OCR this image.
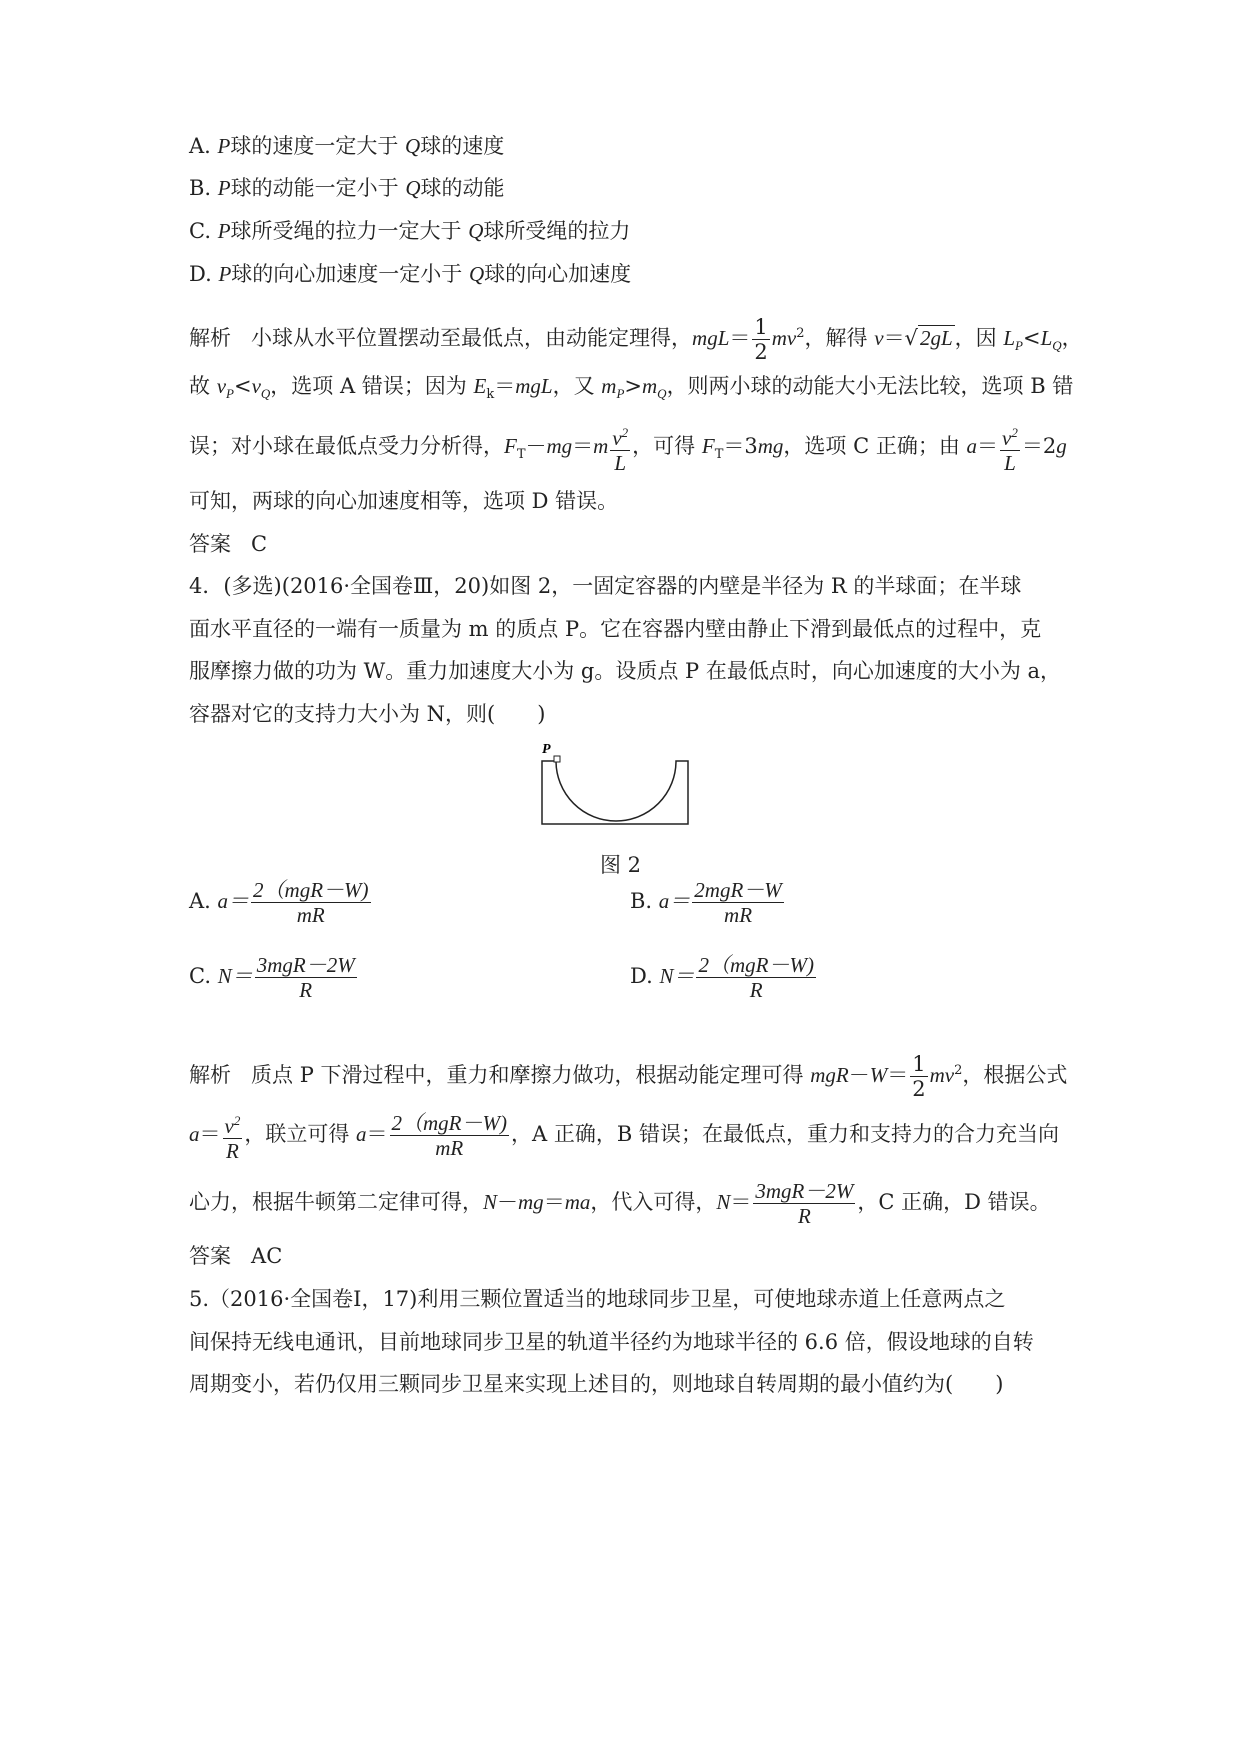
A. P球的速度一定大于 Q球的速度
B. P球的动能一定小于 Q球的动能
C. P球所受绳的拉力一定大于 Q球所受绳的拉力
D. P球的向心加速度一定小于 Q球的向心加速度
解析 小球从水平位置摆动至最低点，由动能定理得，$mgL= \frac{1}{2} mv^2$，解得 v＝√2gL，因 $L_P<L_Q$，
故 $v_P<v_Q$，选项 A 错误；因为 $E_k=mgL$，又 $m_P>m_Q$，则两小球的动能大小无法比较，选项 B 错
误；对小球在最低点受力分析得，$F_T-mg=m \frac{v^2}{L}$ ，可得 $F_T=3mg$，选项 C 正确；由 $a= \frac{v^2}{L} =2g$
可知，两球的向心加速度相等，选项 D 错误。
答案 C
4．(多选)(2016·全国卷Ⅲ，20)如图 2，一固定容器的内壁是半径为 R 的半球面；在半球
面水平直径的一端有一质量为 m 的质点 P。它在容器内壁由静止下滑到最低点的过程中，克
服摩擦力做的功为 W。重力加速度大小为 g。设质点 P 在最低点时，向心加速度的大小为 a，
容器对它的支持力大小为 N，则(　　)
P
图 2
A. $a= \frac{\text{2（mgR－W)}}{mR}$	B. $a= \frac{\text{2mgR－W}}{mR}$
C. $N= \frac{\text{3mgR－2W}}{R}$	D. $N= \frac{\text{2（mgR－W)}}{R}$
解析 质点 P 下滑过程中，重力和摩擦力做功，根据动能定理可得 $mgR-W= \frac{1}{2} mv^2$，根据公式
$a= \frac{v^2}{R}$ ，联立可得 $a= \frac{\text{2（mgR－W)}}{mR}$ ，A 正确，B 错误；在最低点，重力和支持力的合力充当向
心力，根据牛顿第二定律可得，N－mg＝ma，代入可得，$N= \frac{\text{3mgR－2W}}{R}$ ，C 正确，D 错误。
答案 AC
5.（2016·全国卷Ⅰ，17)利用三颗位置适当的地球同步卫星，可使地球赤道上任意两点之
间保持无线电通讯，目前地球同步卫星的轨道半径约为地球半径的 6.6 倍，假设地球的自转
周期变小，若仍仅用三颗同步卫星来实现上述目的，则地球自转周期的最小值约为(　　)
